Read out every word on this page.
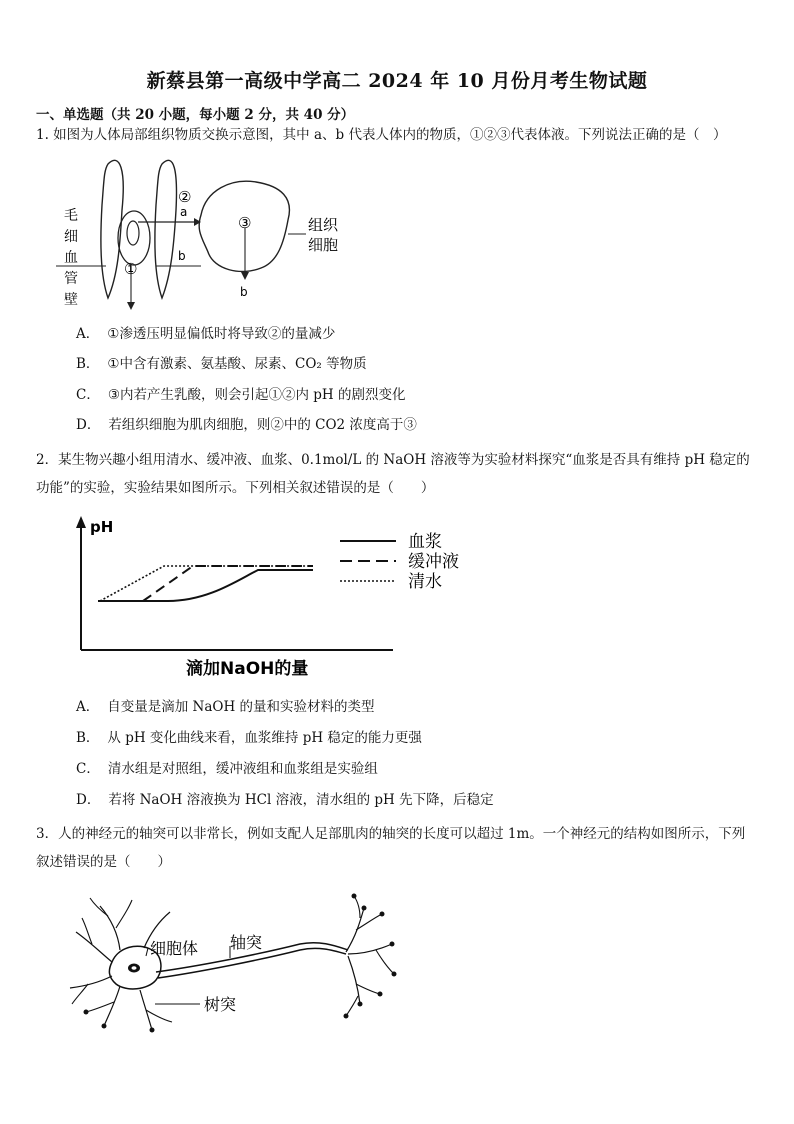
新蔡县第一高级中学高二 2024 年 10 月份月考生物试题
一、单选题（共 20 小题，每小题 2 分，共 40 分）
1. 如图为人体局部组织物质交换示意图，其中 a、b 代表人体内的物质，①②③代表体液。下列说法正确的是（　）
毛
细
血
管
壁
①
②
③
a
b
b
组织
细胞
A． ①渗透压明显偏低时将导致②的量减少
B． ①中含有激素、氨基酸、尿素、CO₂ 等物质
C． ③内若产生乳酸，则会引起①②内 pH 的剧烈变化
D． 若组织细胞为肌肉细胞，则②中的 CO2 浓度高于③
2．某生物兴趣小组用清水、缓冲液、血浆、0.1mol/L 的 NaOH 溶液等为实验材料探究“血浆是否具有维持 pH 稳定的功能”的实验，实验结果如图所示。下列相关叙述错误的是（　　）
pH
滴加NaOH的量
血浆
缓冲液
清水
A． 自变量是滴加 NaOH 的量和实验材料的类型
B． 从 pH 变化曲线来看，血浆维持 pH 稳定的能力更强
C． 清水组是对照组，缓冲液组和血浆组是实验组
D． 若将 NaOH 溶液换为 HCl 溶液，清水组的 pH 先下降，后稳定
3．人的神经元的轴突可以非常长，例如支配人足部肌肉的轴突的长度可以超过 1m。一个神经元的结构如图所示，下列叙述错误的是（　　）
细胞体 轴突
树突
